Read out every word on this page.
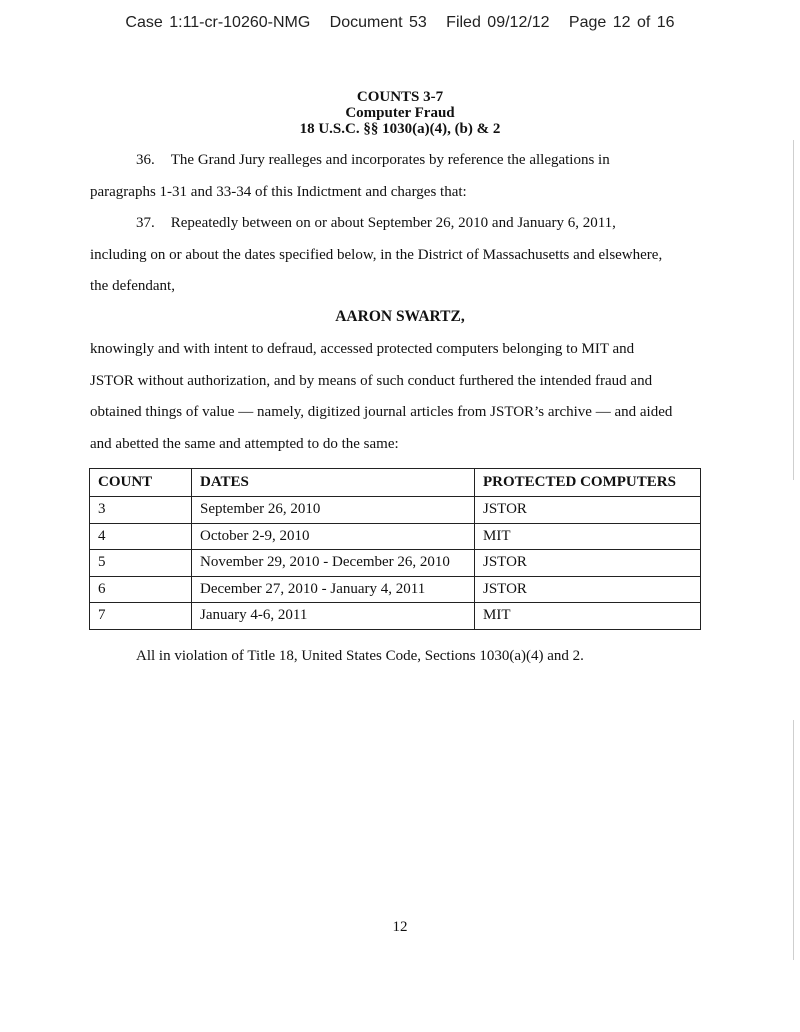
Case 1:11-cr-10260-NMG Document 53 Filed 09/12/12 Page 12 of 16
COUNTS 3-7
Computer Fraud
18 U.S.C. §§ 1030(a)(4), (b) & 2
36. The Grand Jury realleges and incorporates by reference the allegations in
paragraphs 1-31 and 33-34 of this Indictment and charges that:
37. Repeatedly between on or about September 26, 2010 and January 6, 2011,
including on or about the dates specified below, in the District of Massachusetts and elsewhere,
the defendant,
AARON SWARTZ,
knowingly and with intent to defraud, accessed protected computers belonging to MIT and
JSTOR without authorization, and by means of such conduct furthered the intended fraud and
obtained things of value — namely, digitized journal articles from JSTOR’s archive — and aided
and abetted the same and attempted to do the same:
COUNT	DATES	PROTECTED COMPUTERS
3	September 26, 2010	JSTOR
4	October 2-9, 2010	MIT
5	November 29, 2010 - December 26, 2010	JSTOR
6	December 27, 2010 - January 4, 2011	JSTOR
7	January 4-6, 2011	MIT
All in violation of Title 18, United States Code, Sections 1030(a)(4) and 2.
12
